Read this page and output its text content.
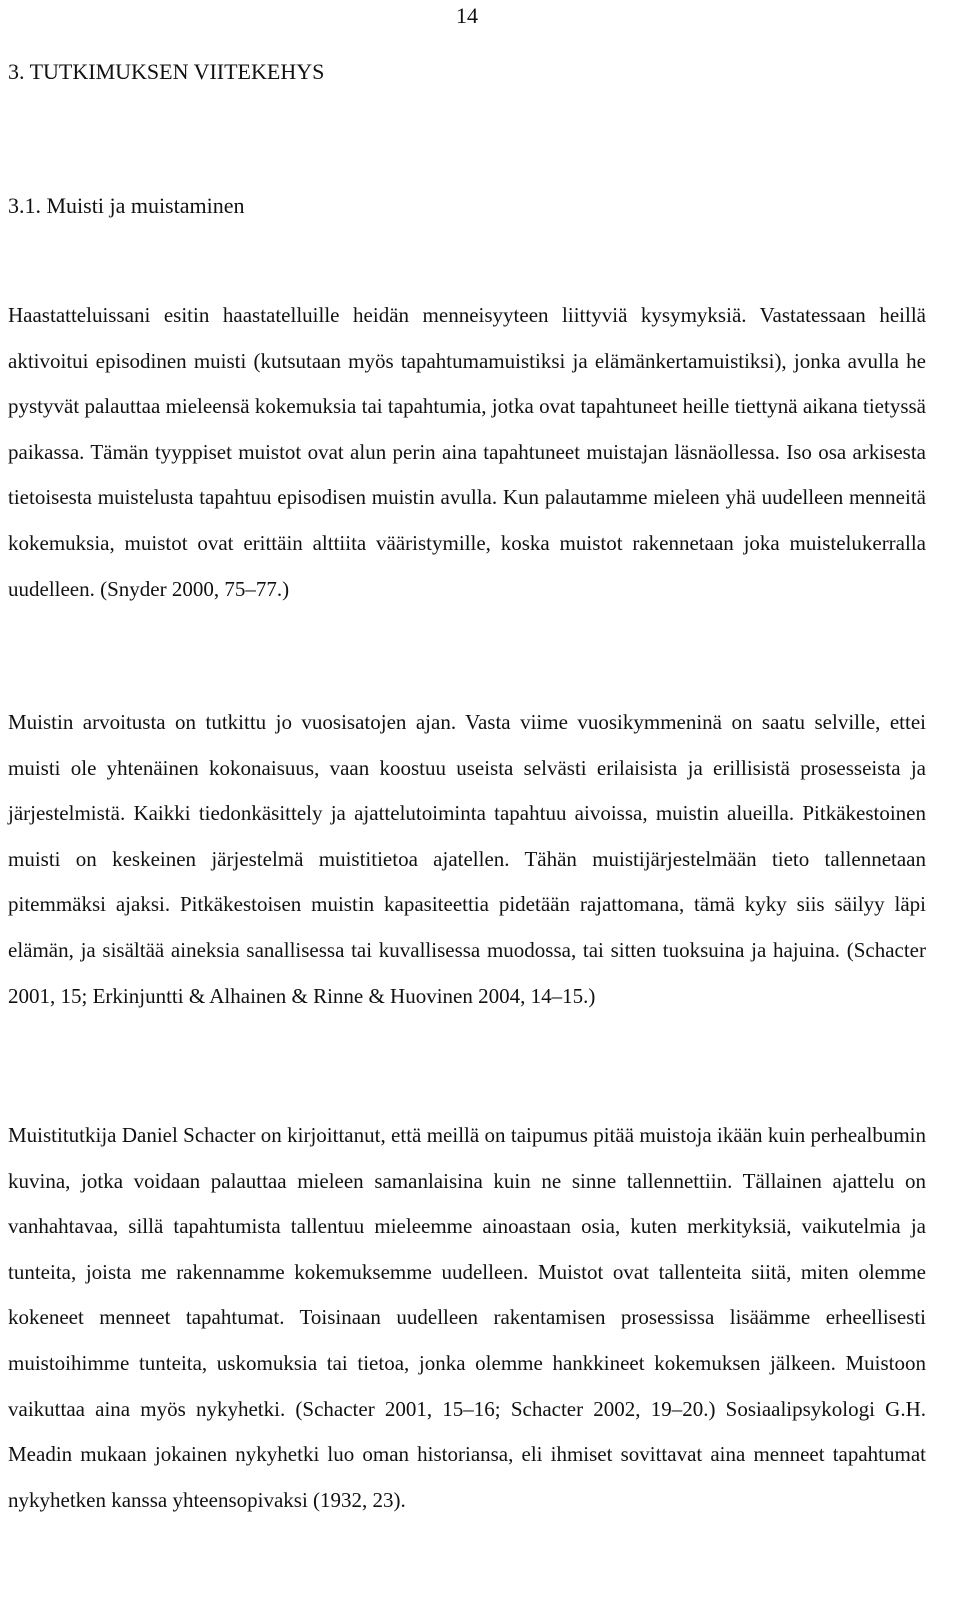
14
3. TUTKIMUKSEN VIITEKEHYS
3.1. Muisti ja muistaminen

Haastatteluissani esitin haastatelluille heidän menneisyyteen liittyviä kysymyksiä. Vastatessaan heillä aktivoitui episodinen muisti (kutsutaan myös tapahtumamuistiksi ja elämänkertamuistiksi), jonka avulla he pystyvät palauttaa mieleensä kokemuksia tai tapahtumia, jotka ovat tapahtuneet heille tiettynä aikana tietyssä paikassa. Tämän tyyppiset muistot ovat alun perin aina tapahtuneet muistajan läsnäollessa. Iso osa arkisesta tietoisesta muistelusta tapahtuu episodisen muistin avulla. Kun palautamme mieleen yhä uudelleen menneitä kokemuksia, muistot ovat erittäin alttiita vääristymille, koska muistot rakennetaan joka muistelukerralla uudelleen. (Snyder 2000, 75–77.)

Muistin arvoitusta on tutkittu jo vuosisatojen ajan. Vasta viime vuosikymmeninä on saatu selville, ettei muisti ole yhtenäinen kokonaisuus, vaan koostuu useista selvästi erilaisista ja erillisistä prosesseista ja järjestelmistä. Kaikki tiedonkäsittely ja ajattelutoiminta tapahtuu aivoissa, muistin alueilla. Pitkäkestoinen muisti on keskeinen järjestelmä muistitietoa ajatellen. Tähän muistijärjestelmään tieto tallennetaan pitemmäksi ajaksi. Pitkäkestoisen muistin kapasiteettia pidetään rajattomana, tämä kyky siis säilyy läpi elämän, ja sisältää aineksia sanallisessa tai kuvallisessa muodossa, tai sitten tuoksuina ja hajuina. (Schacter 2001, 15; Erkinjuntti & Alhainen & Rinne & Huovinen 2004, 14–15.)

Muistitutkija Daniel Schacter on kirjoittanut, että meillä on taipumus pitää muistoja ikään kuin perhealbumin kuvina, jotka voidaan palauttaa mieleen samanlaisina kuin ne sinne tallennettiin. Tällainen ajattelu on vanhahtavaa, sillä tapahtumista tallentuu mieleemme ainoastaan osia, kuten merkityksiä, vaikutelmia ja tunteita, joista me rakennamme kokemuksemme uudelleen. Muistot ovat tallenteita siitä, miten olemme kokeneet menneet tapahtumat. Toisinaan uudelleen rakentamisen prosessissa lisäämme erheellisesti muistoihimme tunteita, uskomuksia tai tietoa, jonka olemme hankkineet kokemuksen jälkeen. Muistoon vaikuttaa aina myös nykyhetki. (Schacter 2001, 15–16; Schacter 2002, 19–20.) Sosiaalipsykologi G.H. Meadin mukaan jokainen nykyhetki luo oman historiansa, eli ihmiset sovittavat aina menneet tapahtumat nykyhetken kanssa yhteensopivaksi (1932, 23).
